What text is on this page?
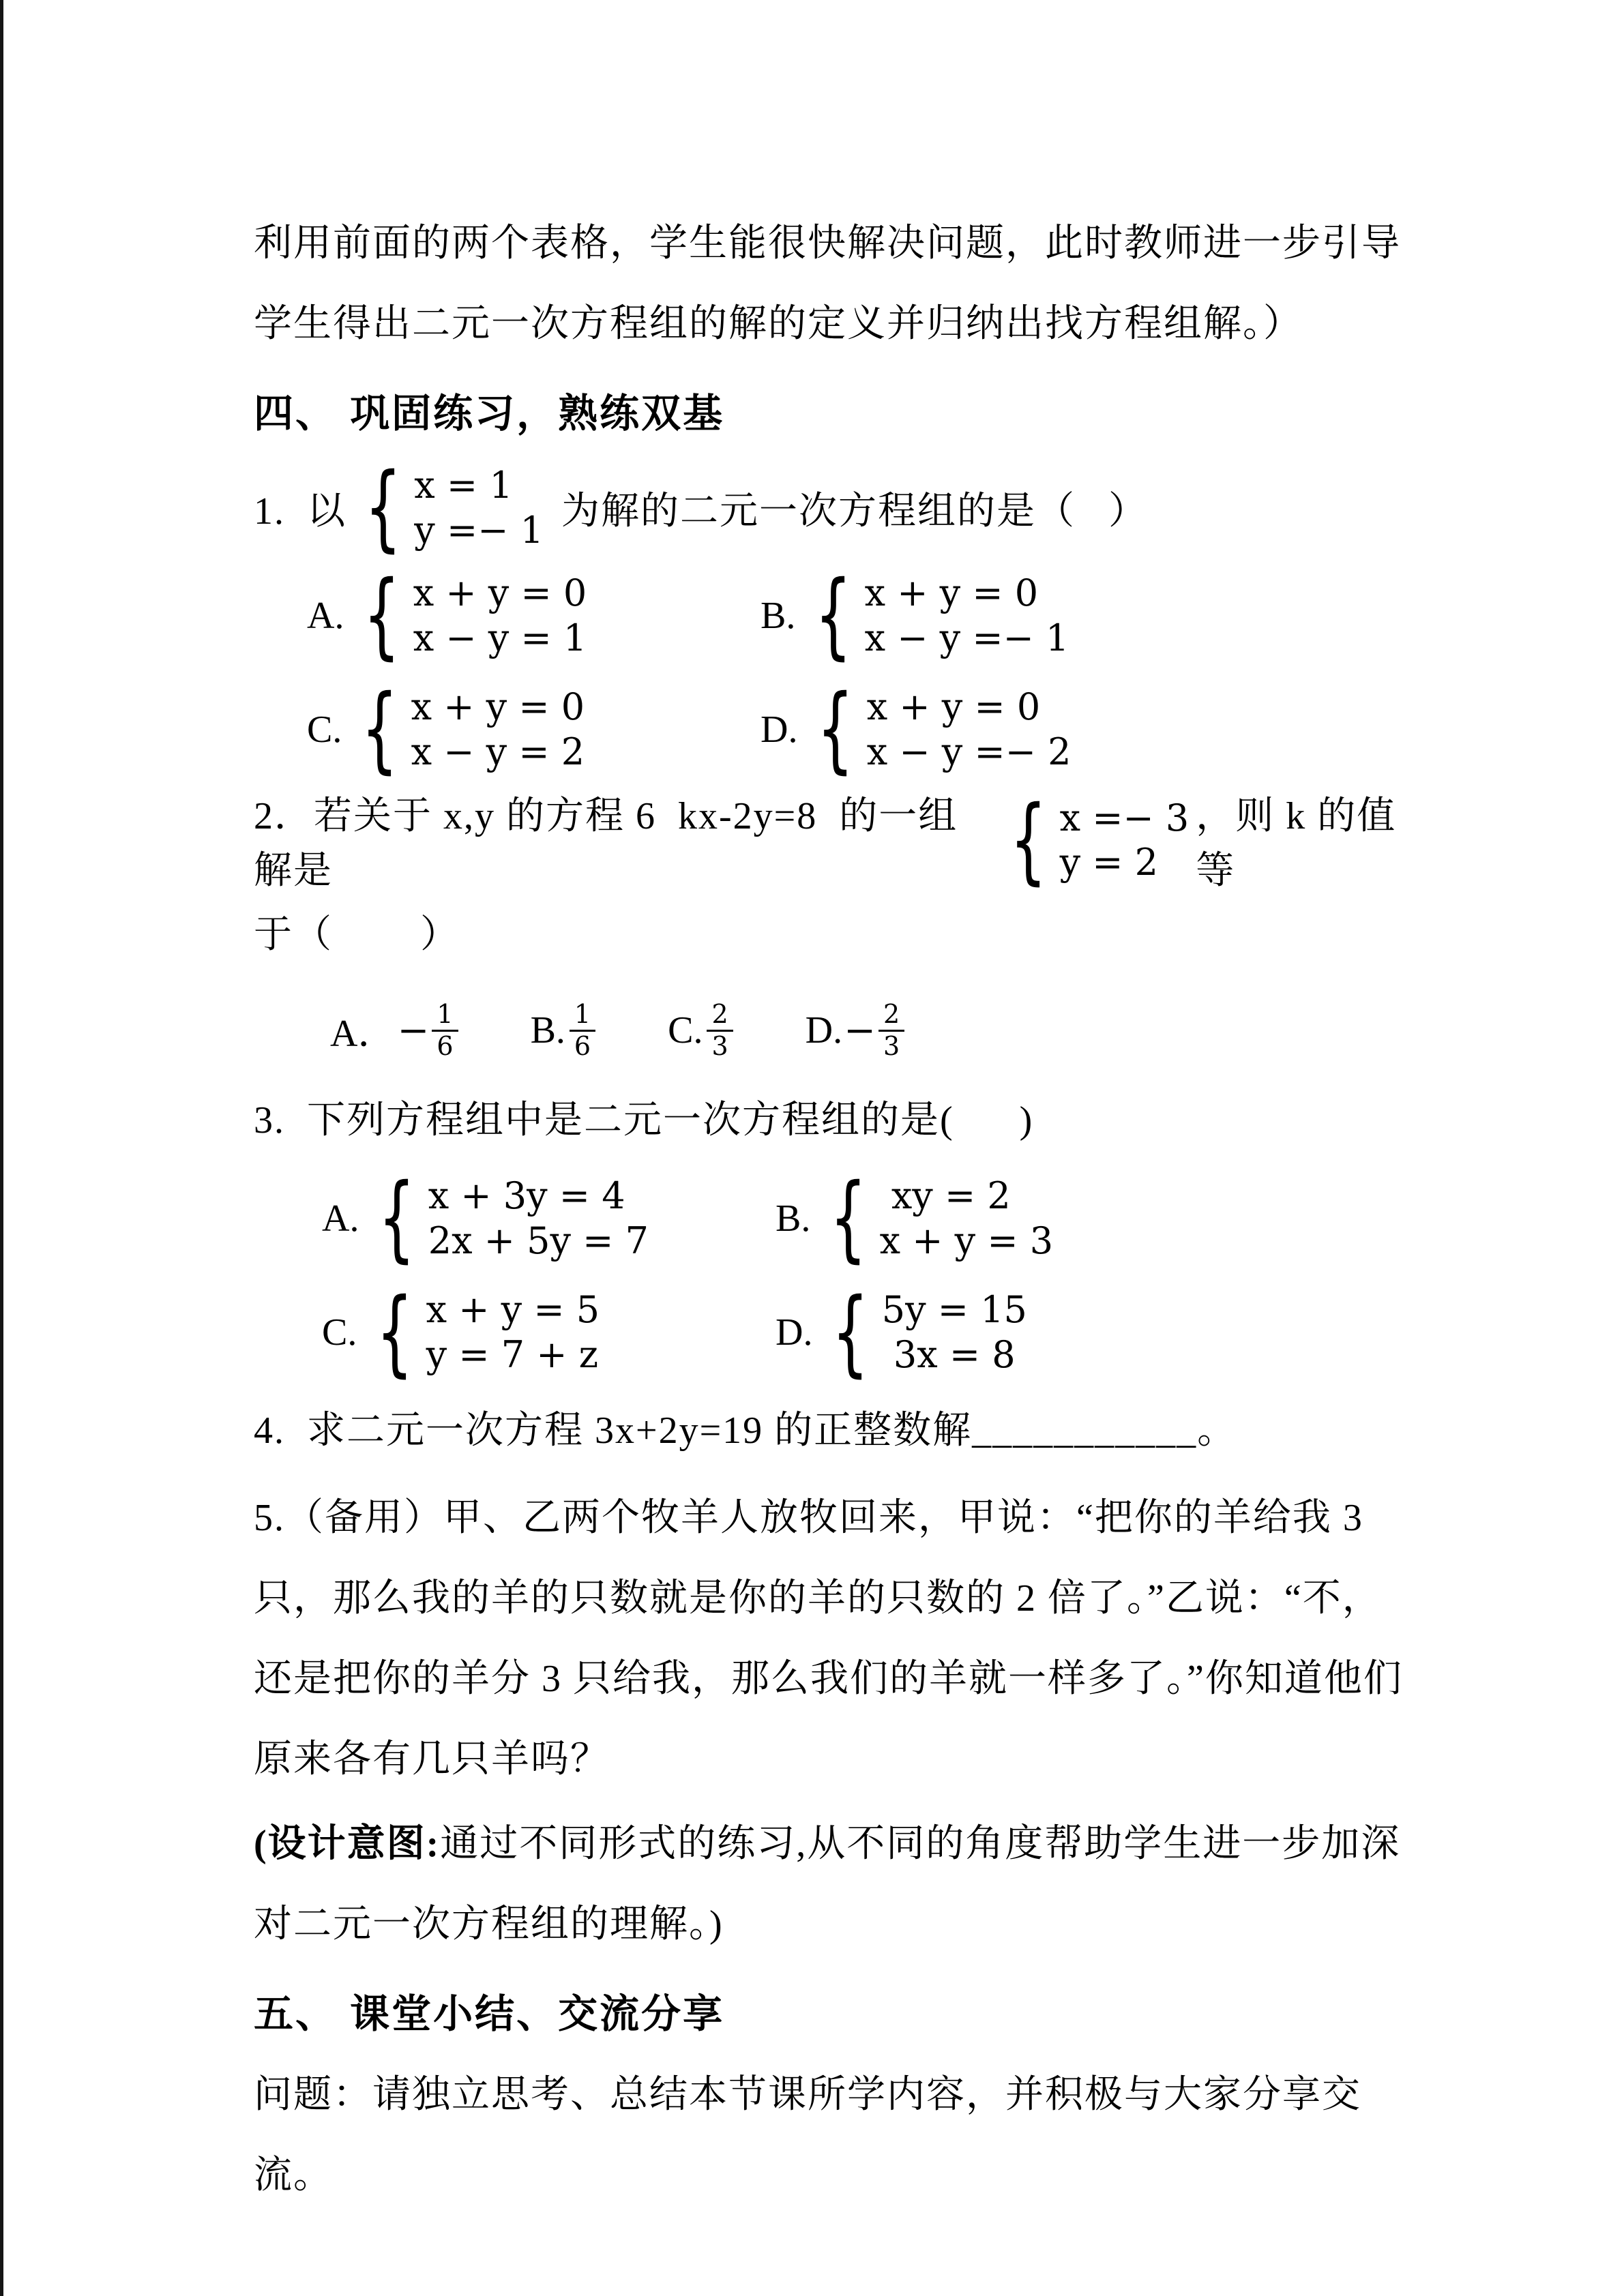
利用前面的两个表格，学生能很快解决问题，此时教师进一步引导
学生得出二元一次方程组的解的定义并归纳出找方程组解。）

四、 巩固练习，熟练双基
1.  以 { x = 1
y =− 1 为解的二元一次方程组的是（   ）
A. { x + y = 0
x − y = 1
B. { x + y = 0
x − y =− 1
C. { x + y = 0
x − y = 2
D. { x + y = 0
x − y =− 2
2．若关于 x,y 的方程 6  kx-2y=8  的一组解是	{ x =− 3
y = 2
，则 k 的值等
于（        ）
A． − $\frac{1}{6} B$. $\frac{1}{6} C$. $\frac{2}{3} D$. − $\frac{2}{3}$
3.  下列方程组中是二元一次方程组的是(      )
A. { x + 3y = 4
2x + 5y = 7
B. { xy = 2
x + y = 3
C. { x + y = 5
y = 7 + z
D. { 5y = 15
3x = 8
4.  求二元一次方程 3x+2y=19 的正整数解___________。

5.（备用）甲、乙两个牧羊人放牧回来，甲说：“把你的羊给我 3
只，那么我的羊的只数就是你的羊的只数的 2 倍了。”乙说：“不，
还是把你的羊分 3 只给我，那么我们的羊就一样多了。”你知道他们
原来各有几只羊吗？

(设计意图:通过不同形式的练习,从不同的角度帮助学生进一步加深
对二元一次方程组的理解。)

五、 课堂小结、交流分享

问题：请独立思考、总结本节课所学内容，并积极与大家分享交
流。
